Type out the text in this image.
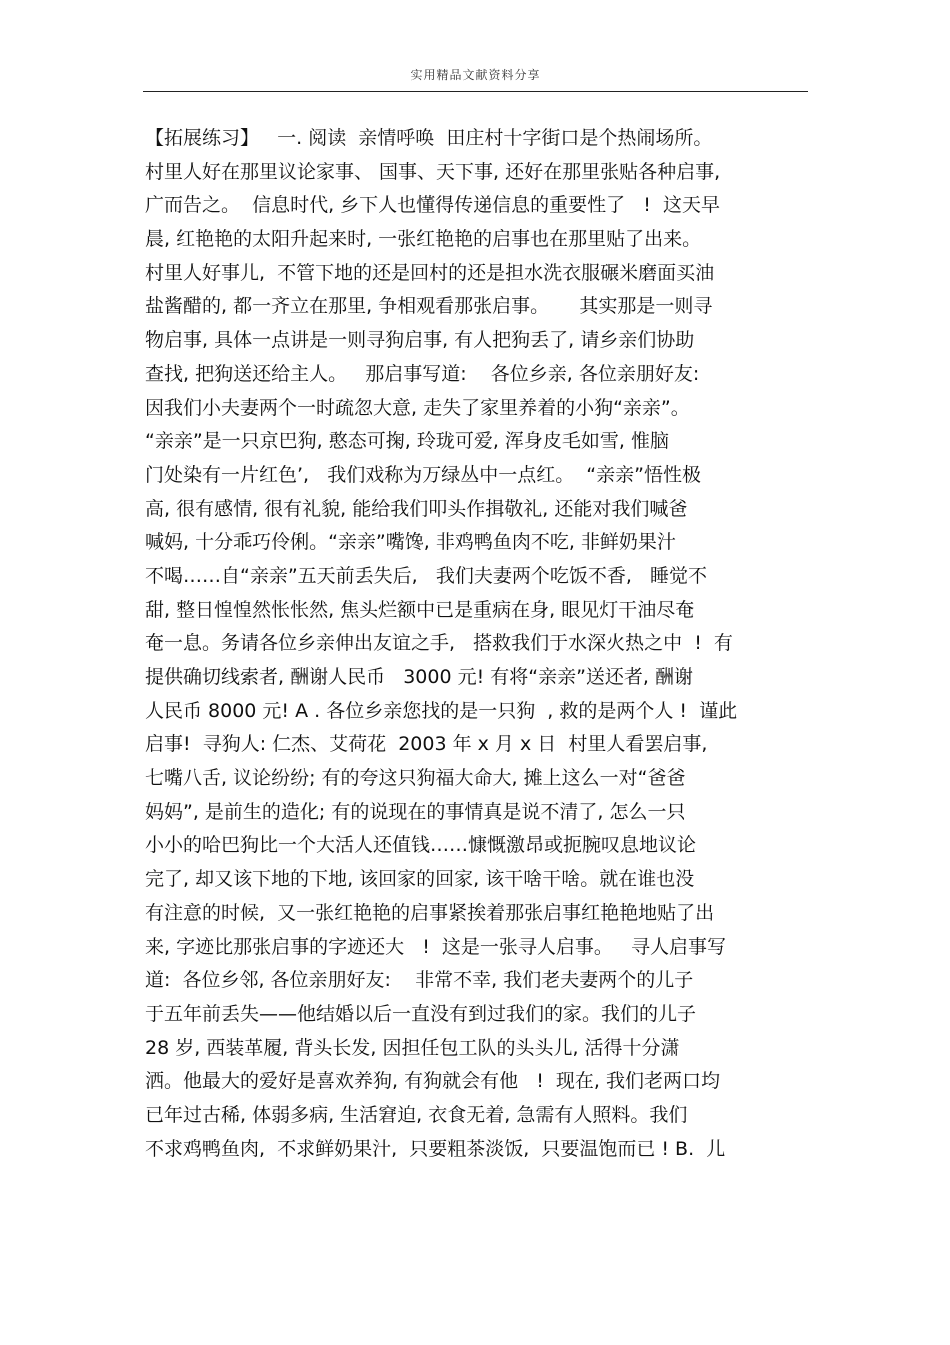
实用精品文献资料分享
【拓展练习】   一. 阅读  亲情呼唤  田庄村十字街口是个热闹场所。
村里人好在那里议论家事、 国事、天下事, 还好在那里张贴各种启事,
广而告之。  信息时代, 乡下人也懂得传递信息的重要性了   !  这天早
晨, 红艳艳的太阳升起来时, 一张红艳艳的启事也在那里贴了出来。
村里人好事儿,  不管下地的还是回村的还是担水洗衣服碾米磨面买油
盐酱醋的, 都一齐立在那里, 争相观看那张启事。     其实那是一则寻
物启事, 具体一点讲是一则寻狗启事, 有人把狗丢了, 请乡亲们协助
查找, 把狗送还给主人。   那启事写道:    各位乡亲, 各位亲朋好友:
因我们小夫妻两个一时疏忽大意, 走失了家里养着的小狗“亲亲”。
“亲亲”是一只京巴狗, 憨态可掬, 玲珑可爱, 浑身皮毛如雪, 惟脑
门处染有一片红色’,   我们戏称为万绿丛中一点红。  “亲亲”悟性极
高, 很有感情, 很有礼貌, 能给我们叩头作揖敬礼, 还能对我们喊爸
喊妈, 十分乖巧伶俐。“亲亲”嘴馋, 非鸡鸭鱼肉不吃, 非鲜奶果汁
不喝……自“亲亲”五天前丢失后,   我们夫妻两个吃饭不香,   睡觉不
甜, 整日惶惶然怅怅然, 焦头烂额中已是重病在身, 眼见灯干油尽奄
奄一息。务请各位乡亲伸出友谊之手,   搭救我们于水深火热之中  !  有
提供确切线索者, 酬谢人民币   3000 元! 有将“亲亲”送还者, 酬谢
人民币 8000 元! A . 各位乡亲您找的是一只狗  , 救的是两个人 !  谨此
启事!  寻狗人: 仁杰、艾荷花  2003 年 x 月 x 日  村里人看罢启事,
七嘴八舌, 议论纷纷; 有的夸这只狗福大命大, 摊上这么一对“爸爸
妈妈”, 是前生的造化; 有的说现在的事情真是说不清了, 怎么一只
小小的哈巴狗比一个大活人还值钱……慷慨激昂或扼腕叹息地议论
完了, 却又该下地的下地, 该回家的回家, 该干啥干啥。就在谁也没
有注意的时候,  又一张红艳艳的启事紧挨着那张启事红艳艳地贴了出
来, 字迹比那张启事的字迹还大   !  这是一张寻人启事。   寻人启事写
道:  各位乡邻, 各位亲朋好友:    非常不幸, 我们老夫妻两个的儿子
于五年前丢失——他结婚以后一直没有到过我们的家。我们的儿子
28 岁, 西装革履, 背头长发, 因担任包工队的头头儿, 活得十分潇
洒。他最大的爱好是喜欢养狗, 有狗就会有他   !  现在, 我们老两口均
已年过古稀, 体弱多病, 生活窘迫, 衣食无着, 急需有人照料。我们
不求鸡鸭鱼肉,  不求鲜奶果汁,  只要粗茶淡饭,  只要温饱而已 ! B.  儿
